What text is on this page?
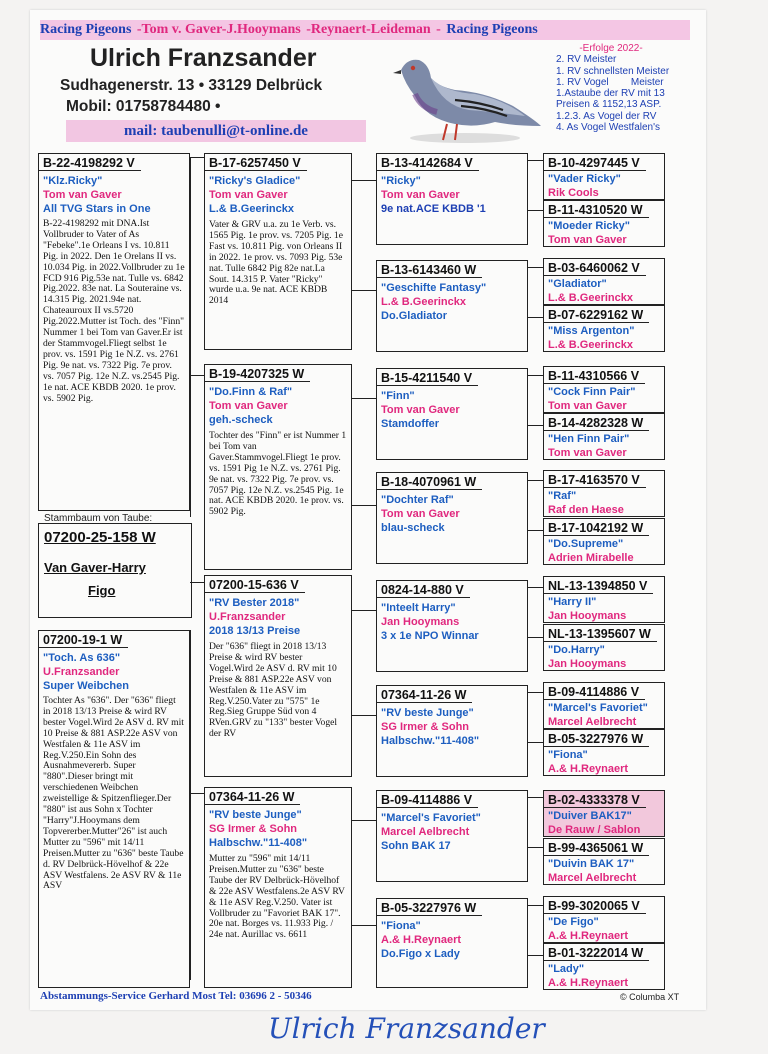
Racing Pigeons -Tom v. Gaver-J.Hooymans -Reynaert-Leideman - Racing Pigeons
Ulrich Franzsander
Sudhagenerstr. 13 • 33129 Delbrück
Mobil: 01758784480 •
mail: taubenulli@t-online.de
-Erfolge 2022-
2. RV Meister
1. RV schnellsten Meister
1. RV Vogel        Meister
1.Astaube der RV mit 13
Preisen & 1152,13 ASP.
1.2.3. As Vogel der RV
4. As Vogel Westfalen's
B-22-4198292 V
"Klz.Ricky"
Tom van Gaver
All TVG Stars in One
B-22-4198292 mit DNA.Ist Vollbruder to Vater of As "Febeke".1e Orleans I vs. 10.811 Pig. in 2022. Den 1e Orelans II vs. 10.034 Pig. in 2022.Vollbruder zu 1e FCD 916 Pig.53e nat. Tulle vs. 6842 Pig.2022. 83e nat. La Souteraine vs. 14.315 Pig. 2021.94e nat. Chateauroux II vs.5720 Pig.2022.Mutter ist Toch. des "Finn" Nummer 1 bei Tom van Gaver.Er ist der Stammvogel.Fliegt selbst 1e prov. vs. 1591 Pig 1e N.Z. vs. 2761 Pig. 9e nat. vs. 7322 Pig. 7e prov. vs. 7057 Pig. 12e N.Z. vs.2545 Pig. 1e nat. ACE KBDB 2020. 1e prov. vs. 5902 Pig.
Stammbaum von Taube:
07200-25-158 W
Van Gaver-Harry
Figo
07200-19-1 W
"Toch. As 636"
U.Franzsander
Super Weibchen
Tochter As "636". Der "636" fliegt in 2018 13/13 Preise & wird RV bester Vogel.Wird 2e ASV d. RV mit 10 Preise & 881 ASP.22e ASV von Westfalen & 11e ASV im Reg.V.250.Ein Sohn des Ausnahmevererb. Super "880".Dieser bringt mit verschiedenen Weibchen zweistellige & Spitzenflieger.Der "880" ist aus Sohn x Tochter "Harry"J.Hooymans dem Topvererber.Mutter"26" ist auch Mutter zu "596" mit 14/11 Preisen.Mutter zu "636" beste Taube d. RV Delbrück-Hövelhof & 22e ASV Westfalens. 2e ASV RV & 11e ASV
B-17-6257450 V
"Ricky's Gladice"
Tom van Gaver
L.& B.Geerinckx
Vater & GRV u.a. zu 1e Verb. vs. 1565 Pig. 1e prov. vs. 7205 Pig. 1e Fast vs. 10.811 Pig. von Orleans II in 2022. 1e prov. vs. 7093 Pig. 53e nat. Tulle 6842 Pig 82e nat.La Sout. 14.315 P. Vater "Ricky" wurde u.a. 9e nat. ACE KBDB 2014
B-19-4207325 W
"Do.Finn & Raf"
Tom van Gaver
geh.-scheck
Tochter des "Finn" er ist Nummer 1 bei Tom van Gaver.Stammvogel.Fliegt 1e prov. vs. 1591 Pig 1e N.Z. vs. 2761 Pig. 9e nat. vs. 7322 Pig. 7e prov. vs. 7057 Pig. 12e N.Z. vs.2545 Pig. 1e nat. ACE KBDB 2020. 1e prov. vs. 5902 Pig.
07200-15-636 V
"RV Bester 2018"
U.Franzsander
2018 13/13 Preise
Der "636" fliegt in 2018 13/13 Preise & wird RV bester Vogel.Wird 2e ASV d. RV mit 10 Preise & 881 ASP.22e ASV von Westfalen & 11e ASV im Reg.V.250.Vater zu "575" 1e Reg.Sieg Gruppe Süd von 4 RVen.GRV zu "133" bester Vogel der RV
07364-11-26 W
"RV beste Junge"
SG Irmer & Sohn
Halbschw."11-408"
Mutter zu "596" mit 14/11 Preisen.Mutter zu "636" beste Taube der RV Delbrück-Hövelhof & 22e ASV Westfalens.2e ASV RV & 11e ASV Reg.V.250. Vater ist Vollbruder zu "Favoriet BAK 17". 20e nat. Borges vs. 11.933 Pig. / 24e nat. Aurillac vs. 6611
B-13-4142684 V
"Ricky"
Tom van Gaver
9e nat.ACE KBDB '1
B-13-6143460 W
"Geschifte Fantasy"
L.& B.Geerinckx
Do.Gladiator
B-15-4211540 V
"Finn"
Tom van Gaver
Stamdoffer
B-18-4070961 W
"Dochter Raf"
Tom van Gaver
blau-scheck
0824-14-880 V
"Inteelt Harry"
Jan Hooymans
3 x 1e NPO Winnar
07364-11-26 W
"RV beste Junge"
SG Irmer & Sohn
Halbschw."11-408"
B-09-4114886 V
"Marcel's Favoriet"
Marcel Aelbrecht
Sohn BAK 17
B-05-3227976 W
"Fiona"
A.& H.Reynaert
Do.Figo x Lady
B-10-4297445 V
"Vader Ricky"
Rik Cools
B-11-4310520 W
"Moeder Ricky"
Tom van Gaver
B-03-6460062 V
"Gladiator"
L.& B.Geerinckx
B-07-6229162 W
"Miss Argenton"
L.& B.Geerinckx
B-11-4310566 V
"Cock Finn Pair"
Tom van Gaver
B-14-4282328 W
"Hen Finn Pair"
Tom van Gaver
B-17-4163570 V
"Raf"
Raf den Haese
B-17-1042192 W
"Do.Supreme"
Adrien Mirabelle
NL-13-1394850 V
"Harry II"
Jan Hooymans
NL-13-1395607 W
"Do.Harry"
Jan Hooymans
B-09-4114886 V
"Marcel's Favoriet"
Marcel Aelbrecht
B-05-3227976 W
"Fiona"
A.& H.Reynaert
B-02-4333378 V
"Duiver BAK17"
De Rauw / Sablon
B-99-4365061 W
"Duivin BAK 17"
Marcel Aelbrecht
B-99-3020065 V
"De Figo"
A.& H.Reynaert
B-01-3222014 W
"Lady"
A.& H.Reynaert
Abstammungs-Service Gerhard Most Tel: 03696 2 - 50346	© Columba XT
Ulrich Franzsander
